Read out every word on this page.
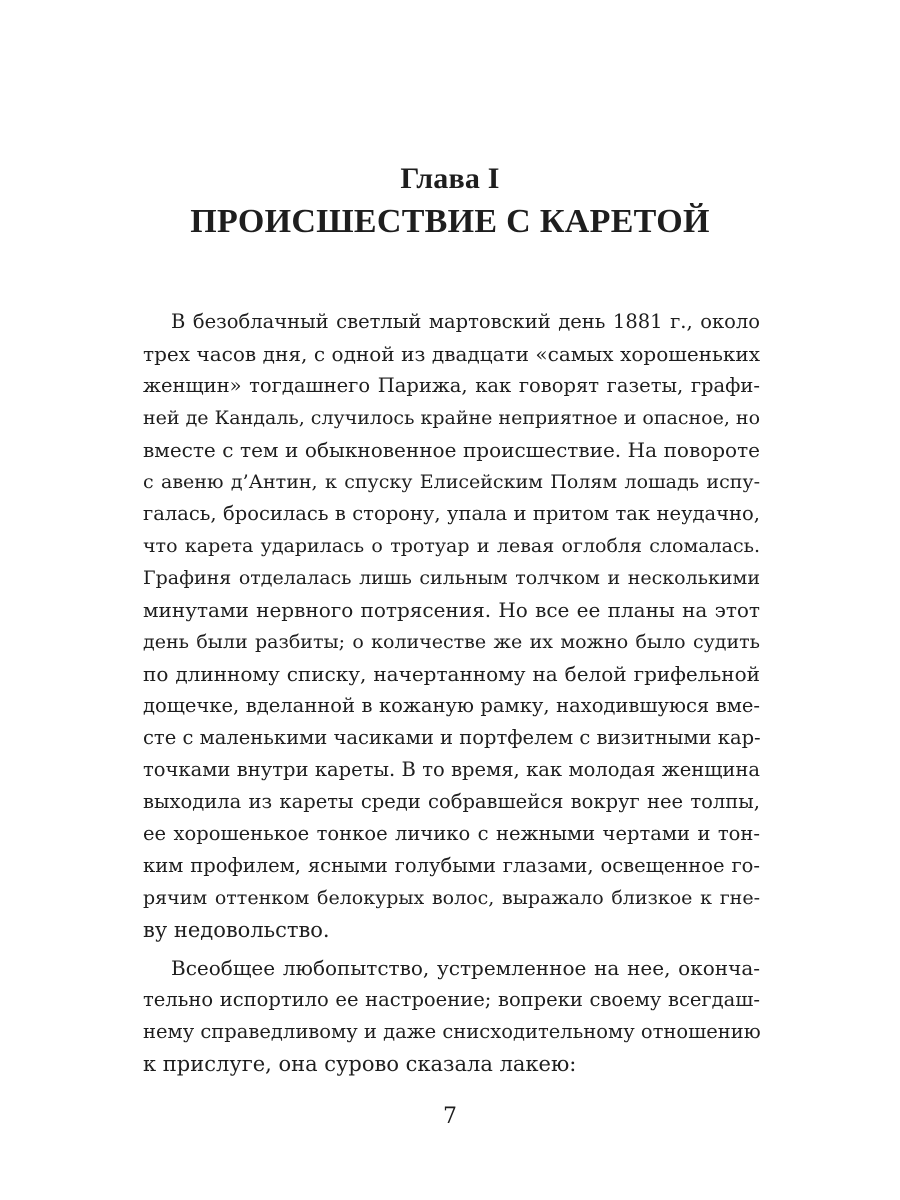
Глава I
ПРОИСШЕСТВИЕ С КАРЕТОЙ
В безоблачный светлый мартовский день 1881 г., около
трех часов дня, с одной из двадцати «самых хорошеньких
женщин» тогдашнего Парижа, как говорят газеты, графи-
ней де Кандаль, случилось крайне неприятное и опасное, но
вместе с тем и обыкновенное происшествие. На повороте
с авеню д’Антин, к спуску Елисейским Полям лошадь испу-
галась, бросилась в сторону, упала и притом так неудачно,
что карета ударилась о тротуар и левая оглобля сломалась.
Графиня отделалась лишь сильным толчком и несколькими
минутами нервного потрясения. Но все ее планы на этот
день были разбиты; о количестве же их можно было судить
по длинному списку, начертанному на белой грифельной
дощечке, вделанной в кожаную рамку, находившуюся вме-
сте с маленькими часиками и портфелем с визитными кар-
точками внутри кареты. В то время, как молодая женщина
выходила из кареты среди собравшейся вокруг нее толпы,
ее хорошенькое тонкое личико с нежными чертами и тон-
ким профилем, ясными голубыми глазами, освещенное го-
рячим оттенком белокурых волос, выражало близкое к гне-
ву недовольство.
Всеобщее любопытство, устремленное на нее, оконча-
тельно испортило ее настроение; вопреки своему всегдаш-
нему справедливому и даже снисходительному отношению
к прислуге, она сурово сказала лакею:
7
